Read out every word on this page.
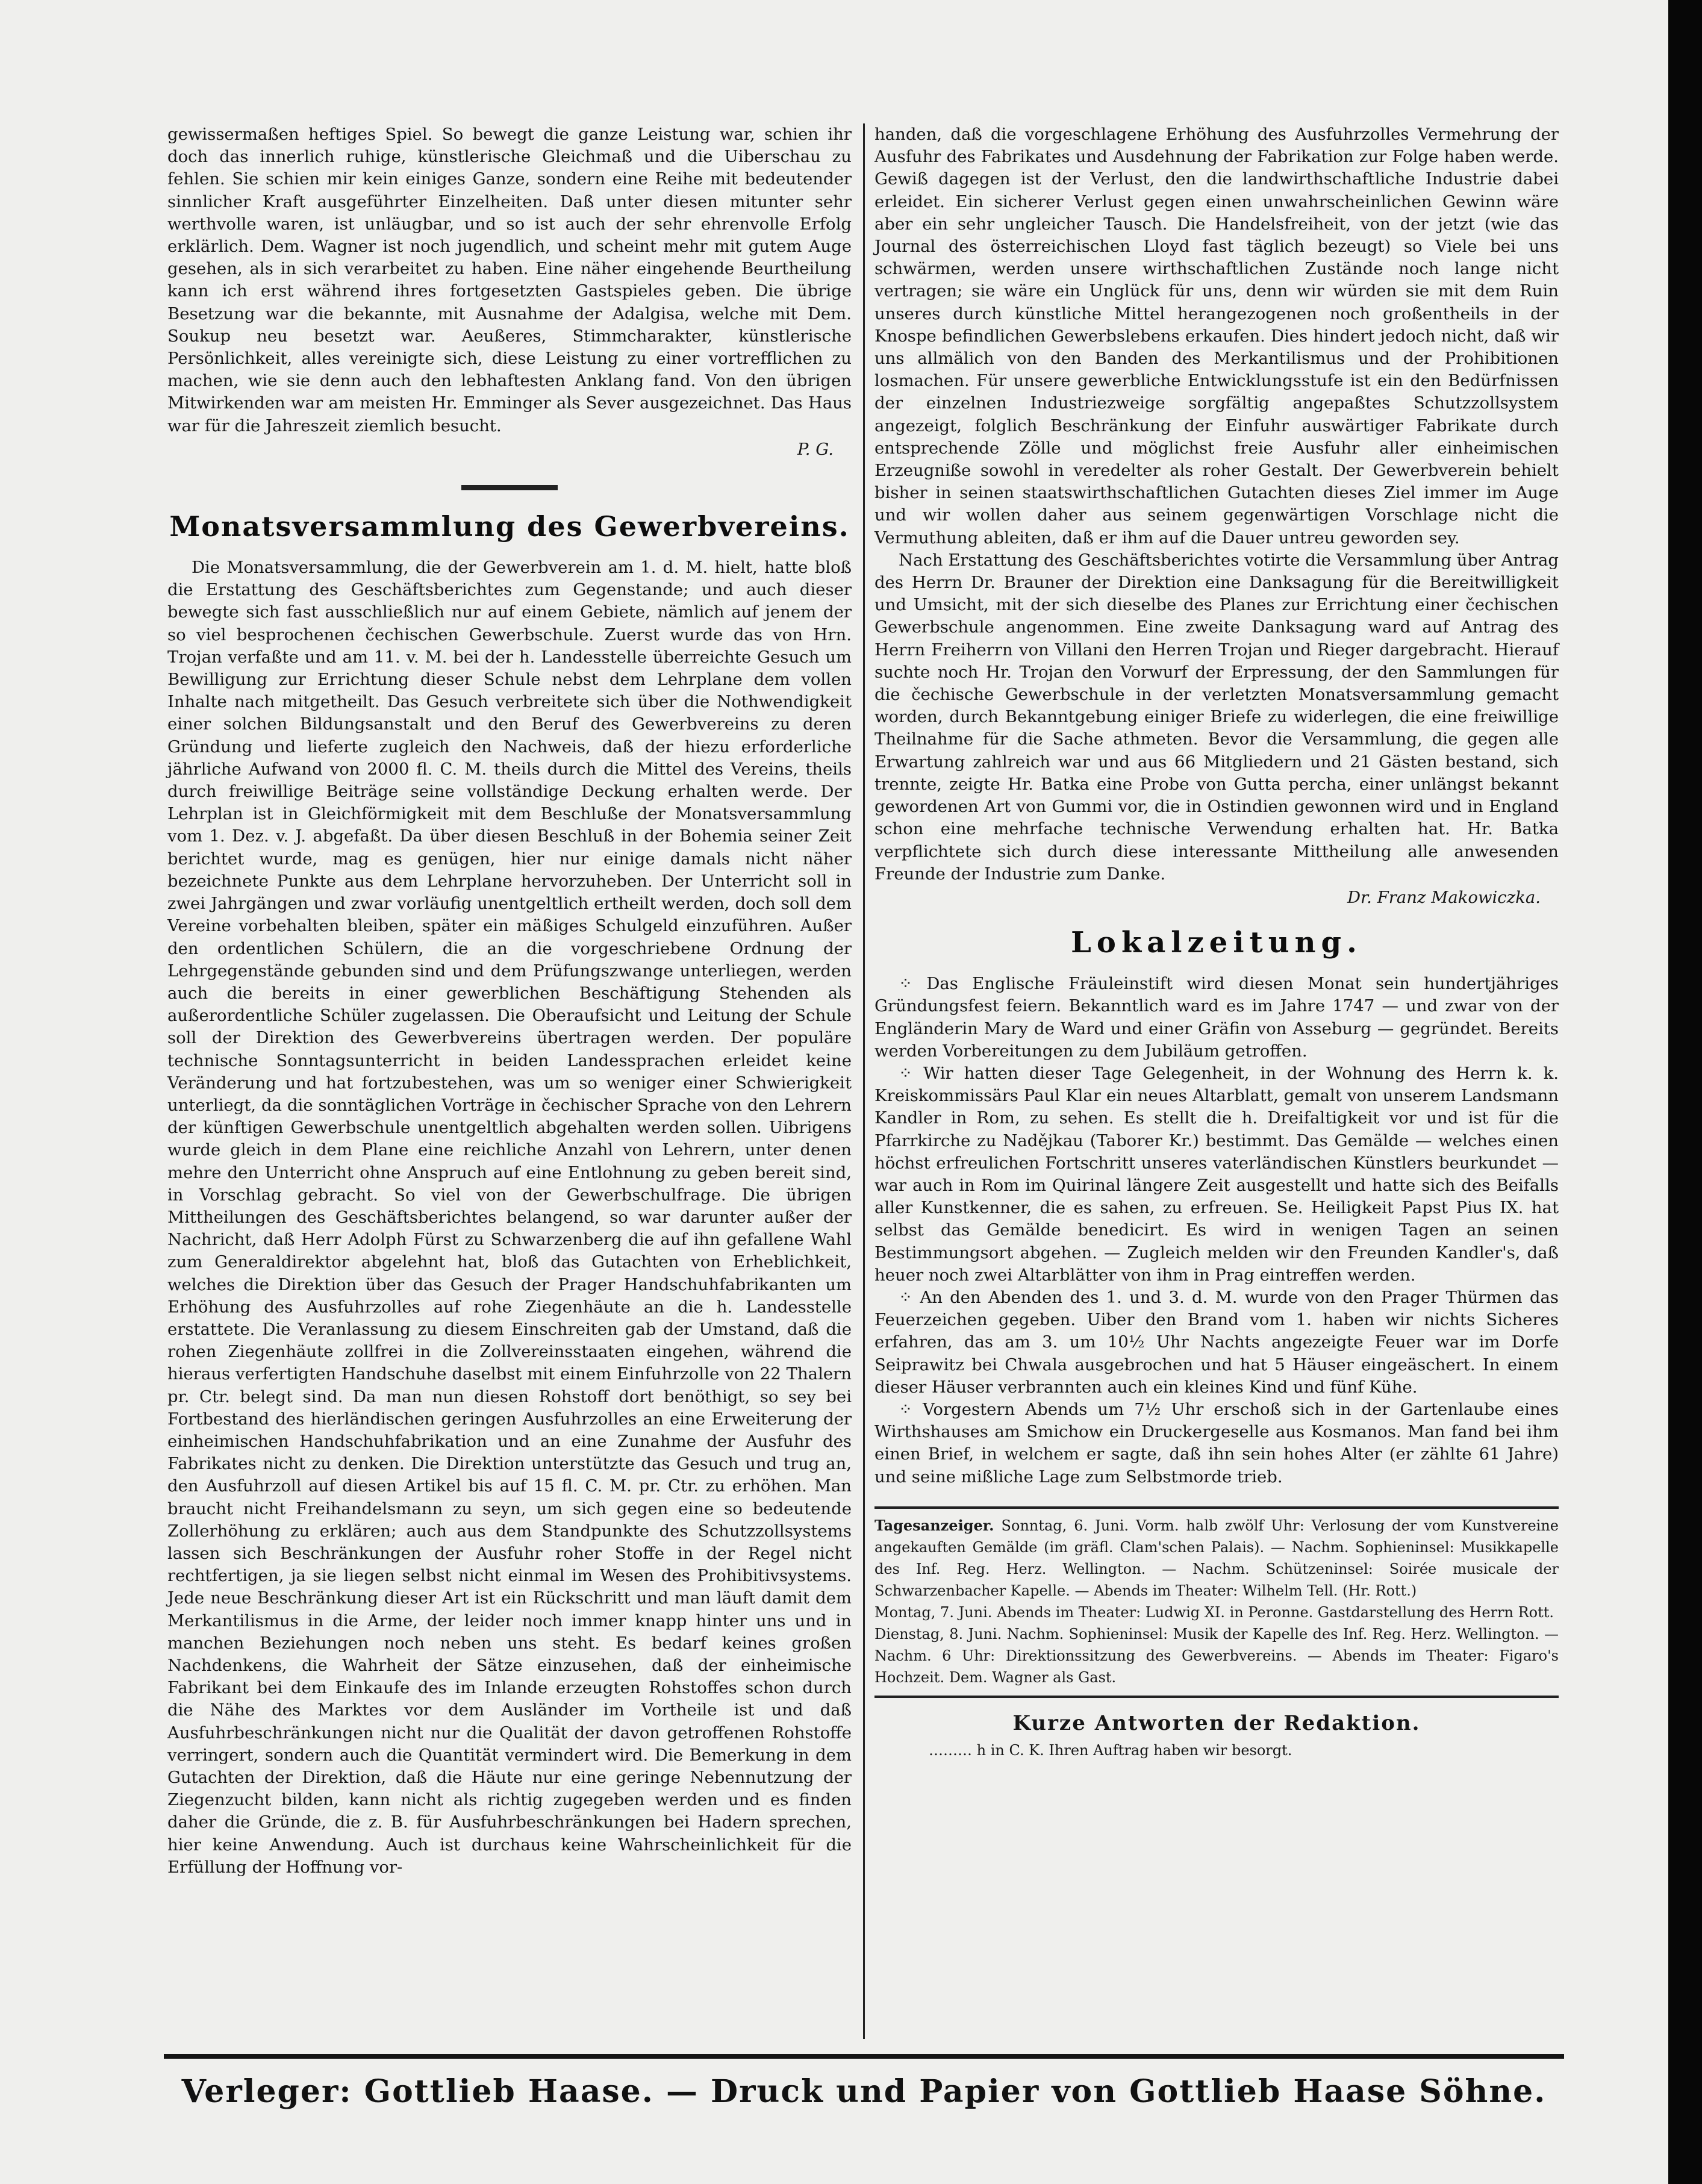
gewissermaßen heftiges Spiel. So bewegt die ganze Leistung war, schien ihr doch das innerlich ruhige, künstlerische Gleichmaß und die Uiberschau zu fehlen. Sie schien mir kein einiges Ganze, sondern eine Reihe mit bedeutender sinnlicher Kraft ausgeführter Einzelheiten. Daß unter diesen mitunter sehr werthvolle waren, ist unläugbar, und so ist auch der sehr ehrenvolle Erfolg erklärlich. Dem. Wagner ist noch jugendlich, und scheint mehr mit gutem Auge gesehen, als in sich verarbeitet zu haben. Eine näher eingehende Beurtheilung kann ich erst während ihres fortgesetzten Gastspieles geben. Die übrige Besetzung war die bekannte, mit Ausnahme der Adalgisa, welche mit Dem. Soukup neu besetzt war. Aeußeres, Stimmcharakter, künstlerische Persönlichkeit, alles vereinigte sich, diese Leistung zu einer vortrefflichen zu machen, wie sie denn auch den lebhaftesten Anklang fand. Von den übrigen Mitwirkenden war am meisten Hr. Emminger als Sever ausgezeichnet. Das Haus war für die Jahreszeit ziemlich besucht.

P. G.
Monatsversammlung des Gewerbvereins.

Die Monatsversammlung, die der Gewerbverein am 1. d. M. hielt, hatte bloß die Erstattung des Geschäftsberichtes zum Gegenstande; und auch dieser bewegte sich fast ausschließlich nur auf einem Gebiete, nämlich auf jenem der so viel besprochenen čechischen Gewerbschule. Zuerst wurde das von Hrn. Trojan verfaßte und am 11. v. M. bei der h. Landesstelle überreichte Gesuch um Bewilligung zur Errichtung dieser Schule nebst dem Lehrplane dem vollen Inhalte nach mitgetheilt. Das Gesuch verbreitete sich über die Nothwendigkeit einer solchen Bildungsanstalt und den Beruf des Gewerbvereins zu deren Gründung und lieferte zugleich den Nachweis, daß der hiezu erforderliche jährliche Aufwand von 2000 fl. C. M. theils durch die Mittel des Vereins, theils durch freiwillige Beiträge seine vollständige Deckung erhalten werde. Der Lehrplan ist in Gleichförmigkeit mit dem Beschluße der Monatsversammlung vom 1. Dez. v. J. abgefaßt. Da über diesen Beschluß in der Bohemia seiner Zeit berichtet wurde, mag es genügen, hier nur einige damals nicht näher bezeichnete Punkte aus dem Lehrplane hervorzuheben. Der Unterricht soll in zwei Jahrgängen und zwar vorläufig unentgeltlich ertheilt werden, doch soll dem Vereine vorbehalten bleiben, später ein mäßiges Schulgeld einzuführen. Außer den ordentlichen Schülern, die an die vorgeschriebene Ordnung der Lehrgegenstände gebunden sind und dem Prüfungszwange unterliegen, werden auch die bereits in einer gewerblichen Beschäftigung Stehenden als außerordentliche Schüler zugelassen. Die Oberaufsicht und Leitung der Schule soll der Direktion des Gewerbvereins übertragen werden. Der populäre technische Sonntagsunterricht in beiden Landessprachen erleidet keine Veränderung und hat fortzubestehen, was um so weniger einer Schwierigkeit unterliegt, da die sonntäglichen Vorträge in čechischer Sprache von den Lehrern der künftigen Gewerbschule unentgeltlich abgehalten werden sollen. Uibrigens wurde gleich in dem Plane eine reichliche Anzahl von Lehrern, unter denen mehre den Unterricht ohne Anspruch auf eine Entlohnung zu geben bereit sind, in Vorschlag gebracht. So viel von der Gewerbschulfrage. Die übrigen Mittheilungen des Geschäftsberichtes belangend, so war darunter außer der Nachricht, daß Herr Adolph Fürst zu Schwarzenberg die auf ihn gefallene Wahl zum Generaldirektor abgelehnt hat, bloß das Gutachten von Erheblichkeit, welches die Direktion über das Gesuch der Prager Handschuhfabrikanten um Erhöhung des Ausfuhrzolles auf rohe Ziegenhäute an die h. Landesstelle erstattete. Die Veranlassung zu diesem Einschreiten gab der Umstand, daß die rohen Ziegenhäute zollfrei in die Zollvereinsstaaten eingehen, während die hieraus verfertigten Handschuhe daselbst mit einem Einfuhrzolle von 22 Thalern pr. Ctr. belegt sind. Da man nun diesen Rohstoff dort benöthigt, so sey bei Fortbestand des hierländischen geringen Ausfuhrzolles an eine Erweiterung der einheimischen Handschuhfabrikation und an eine Zunahme der Ausfuhr des Fabrikates nicht zu denken. Die Direktion unterstützte das Gesuch und trug an, den Ausfuhrzoll auf diesen Artikel bis auf 15 fl. C. M. pr. Ctr. zu erhöhen. Man braucht nicht Freihandelsmann zu seyn, um sich gegen eine so bedeutende Zollerhöhung zu erklären; auch aus dem Standpunkte des Schutzzollsystems lassen sich Beschränkungen der Ausfuhr roher Stoffe in der Regel nicht rechtfertigen, ja sie liegen selbst nicht einmal im Wesen des Prohibitivsystems. Jede neue Beschränkung dieser Art ist ein Rückschritt und man läuft damit dem Merkantilismus in die Arme, der leider noch immer knapp hinter uns und in manchen Beziehungen noch neben uns steht. Es bedarf keines großen Nachdenkens, die Wahrheit der Sätze einzusehen, daß der einheimische Fabrikant bei dem Einkaufe des im Inlande erzeugten Rohstoffes schon durch die Nähe des Marktes vor dem Ausländer im Vortheile ist und daß Ausfuhrbeschränkungen nicht nur die Qualität der davon getroffenen Rohstoffe verringert, sondern auch die Quantität vermindert wird. Die Bemerkung in dem Gutachten der Direktion, daß die Häute nur eine geringe Nebennutzung der Ziegenzucht bilden, kann nicht als richtig zugegeben werden und es finden daher die Gründe, die z. B. für Ausfuhrbeschränkungen bei Hadern sprechen, hier keine Anwendung. Auch ist durchaus keine Wahrscheinlichkeit für die Erfüllung der Hoffnung vor-

handen, daß die vorgeschlagene Erhöhung des Ausfuhrzolles Vermehrung der Ausfuhr des Fabrikates und Ausdehnung der Fabrikation zur Folge haben werde. Gewiß dagegen ist der Verlust, den die landwirthschaftliche Industrie dabei erleidet. Ein sicherer Verlust gegen einen unwahrscheinlichen Gewinn wäre aber ein sehr ungleicher Tausch. Die Handelsfreiheit, von der jetzt (wie das Journal des österreichischen Lloyd fast täglich bezeugt) so Viele bei uns schwärmen, werden unsere wirthschaftlichen Zustände noch lange nicht vertragen; sie wäre ein Unglück für uns, denn wir würden sie mit dem Ruin unseres durch künstliche Mittel herangezogenen noch großentheils in der Knospe befindlichen Gewerbslebens erkaufen. Dies hindert jedoch nicht, daß wir uns allmälich von den Banden des Merkantilismus und der Prohibitionen losmachen. Für unsere gewerbliche Entwicklungsstufe ist ein den Bedürfnissen der einzelnen Industriezweige sorgfältig angepaßtes Schutzzollsystem angezeigt, folglich Beschränkung der Einfuhr auswärtiger Fabrikate durch entsprechende Zölle und möglichst freie Ausfuhr aller einheimischen Erzeugniße sowohl in veredelter als roher Gestalt. Der Gewerbverein behielt bisher in seinen staatswirthschaftlichen Gutachten dieses Ziel immer im Auge und wir wollen daher aus seinem gegenwärtigen Vorschlage nicht die Vermuthung ableiten, daß er ihm auf die Dauer untreu geworden sey.

Nach Erstattung des Geschäftsberichtes votirte die Versammlung über Antrag des Herrn Dr. Brauner der Direktion eine Danksagung für die Bereitwilligkeit und Umsicht, mit der sich dieselbe des Planes zur Errichtung einer čechischen Gewerbschule angenommen. Eine zweite Danksagung ward auf Antrag des Herrn Freiherrn von Villani den Herren Trojan und Rieger dargebracht. Hierauf suchte noch Hr. Trojan den Vorwurf der Erpressung, der den Sammlungen für die čechische Gewerbschule in der verletzten Monatsversammlung gemacht worden, durch Bekanntgebung einiger Briefe zu widerlegen, die eine freiwillige Theilnahme für die Sache athmeten. Bevor die Versammlung, die gegen alle Erwartung zahlreich war und aus 66 Mitgliedern und 21 Gästen bestand, sich trennte, zeigte Hr. Batka eine Probe von Gutta percha, einer unlängst bekannt gewordenen Art von Gummi vor, die in Ostindien gewonnen wird und in England schon eine mehrfache technische Verwendung erhalten hat. Hr. Batka verpflichtete sich durch diese interessante Mittheilung alle anwesenden Freunde der Industrie zum Danke.

Dr. Franz Makowiczka.
Lokalzeitung.

⁘ Das Englische Fräuleinstift wird diesen Monat sein hundertjähriges Gründungsfest feiern. Bekanntlich ward es im Jahre 1747 — und zwar von der Engländerin Mary de Ward und einer Gräfin von Asseburg — gegründet. Bereits werden Vorbereitungen zu dem Jubiläum getroffen.

⁘ Wir hatten dieser Tage Gelegenheit, in der Wohnung des Herrn k. k. Kreiskommissärs Paul Klar ein neues Altarblatt, gemalt von unserem Landsmann Kandler in Rom, zu sehen. Es stellt die h. Dreifaltigkeit vor und ist für die Pfarrkirche zu Nadějkau (Taborer Kr.) bestimmt. Das Gemälde — welches einen höchst erfreulichen Fortschritt unseres vaterländischen Künstlers beurkundet — war auch in Rom im Quirinal längere Zeit ausgestellt und hatte sich des Beifalls aller Kunstkenner, die es sahen, zu erfreuen. Se. Heiligkeit Papst Pius IX. hat selbst das Gemälde benedicirt. Es wird in wenigen Tagen an seinen Bestimmungsort abgehen. — Zugleich melden wir den Freunden Kandler's, daß heuer noch zwei Altarblätter von ihm in Prag eintreffen werden.

⁘ An den Abenden des 1. und 3. d. M. wurde von den Prager Thürmen das Feuerzeichen gegeben. Uiber den Brand vom 1. haben wir nichts Sicheres erfahren, das am 3. um 10½ Uhr Nachts angezeigte Feuer war im Dorfe Seiprawitz bei Chwala ausgebrochen und hat 5 Häuser eingeäschert. In einem dieser Häuser verbrannten auch ein kleines Kind und fünf Kühe.

⁘ Vorgestern Abends um 7½ Uhr erschoß sich in der Gartenlaube eines Wirthshauses am Smichow ein Druckergeselle aus Kosmanos. Man fand bei ihm einen Brief, in welchem er sagte, daß ihn sein hohes Alter (er zählte 61 Jahre) und seine mißliche Lage zum Selbstmorde trieb.

Tagesanzeiger. Sonntag, 6. Juni. Vorm. halb zwölf Uhr: Verlosung der vom Kunstvereine angekauften Gemälde (im gräfl. Clam'schen Palais). — Nachm. Sophieninsel: Musikkapelle des Inf. Reg. Herz. Wellington. — Nachm. Schützeninsel: Soirée musicale der Schwarzenbacher Kapelle. — Abends im Theater: Wilhelm Tell. (Hr. Rott.)

Montag, 7. Juni. Abends im Theater: Ludwig XI. in Peronne. Gastdarstellung des Herrn Rott.

Dienstag, 8. Juni. Nachm. Sophieninsel: Musik der Kapelle des Inf. Reg. Herz. Wellington. — Nachm. 6 Uhr: Direktionssitzung des Gewerbvereins. — Abends im Theater: Figaro's Hochzeit. Dem. Wagner als Gast.

Kurze Antworten der Redaktion.
……… h in C. K. Ihren Auftrag haben wir besorgt.
Verleger: Gottlieb Haase. — Druck und Papier von Gottlieb Haase Söhne.
